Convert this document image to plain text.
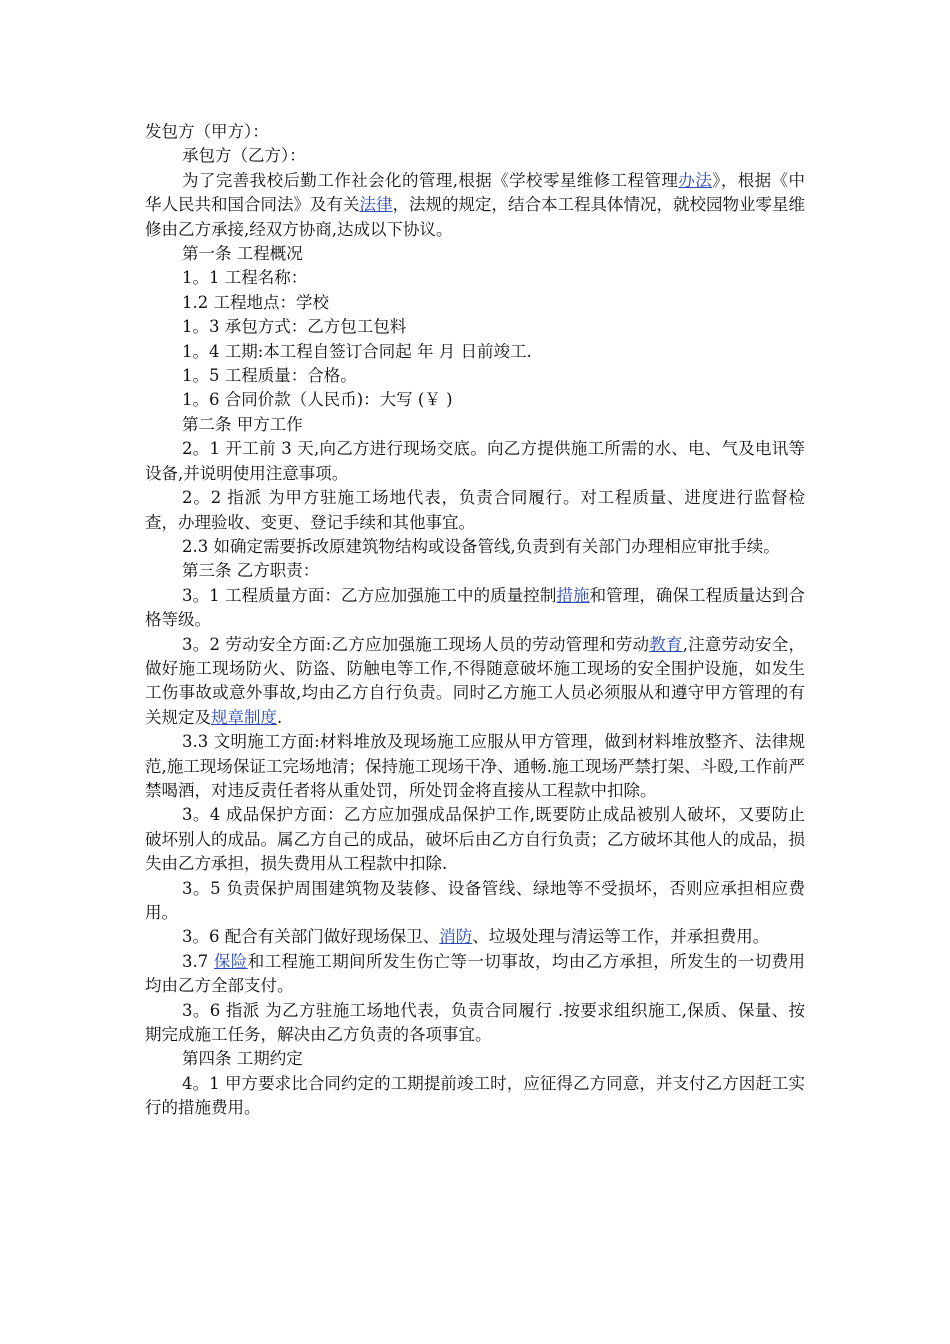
发包方（甲方）：

承包方（乙方）：

为了完善我校后勤工作社会化的管理,根据《学校零星维修工程管理办法》，根据《中华人民共和国合同法》及有关法律，法规的规定，结合本工程具体情况，就校园物业零星维修由乙方承接,经双方协商,达成以下协议。

第一条 工程概况

1。1 工程名称：

1.2 工程地点：学校

1。3 承包方式：乙方包工包料

1。4 工期:本工程自签订合同起 年 月 日前竣工.

1。5 工程质量：合格。

1。6 合同价款（人民币)：大写 (￥ )

第二条 甲方工作

2。1 开工前 3 天,向乙方进行现场交底。向乙方提供施工所需的水、电、气及电讯等设备,并说明使用注意事项。

2。2 指派 为甲方驻施工场地代表，负责合同履行。对工程质量、进度进行监督检查，办理验收、变更、登记手续和其他事宜。

2.3 如确定需要拆改原建筑物结构或设备管线,负责到有关部门办理相应审批手续。

第三条 乙方职责：

3。1 工程质量方面：乙方应加强施工中的质量控制措施和管理，确保工程质量达到合格等级。

3。2 劳动安全方面:乙方应加强施工现场人员的劳动管理和劳动教育,注意劳动安全，做好施工现场防火、防盗、防触电等工作,不得随意破坏施工现场的安全围护设施，如发生工伤事故或意外事故,均由乙方自行负责。同时乙方施工人员必须服从和遵守甲方管理的有关规定及规章制度.

3.3 文明施工方面:材料堆放及现场施工应服从甲方管理，做到材料堆放整齐、法律规范,施工现场保证工完场地清；保持施工现场干净、通畅.施工现场严禁打架、斗殴,工作前严禁喝酒，对违反责任者将从重处罚，所处罚金将直接从工程款中扣除。

3。4 成品保护方面：乙方应加强成品保护工作,既要防止成品被别人破坏，又要防止破坏别人的成品。属乙方自己的成品，破坏后由乙方自行负责；乙方破坏其他人的成品，损失由乙方承担，损失费用从工程款中扣除.

3。5 负责保护周围建筑物及装修、设备管线、绿地等不受损坏，否则应承担相应费用。

3。6 配合有关部门做好现场保卫、消防、垃圾处理与清运等工作，并承担费用。

3.7 保险和工程施工期间所发生伤亡等一切事故，均由乙方承担，所发生的一切费用均由乙方全部支付。

3。6 指派 为乙方驻施工场地代表，负责合同履行 .按要求组织施工,保质、保量、按期完成施工任务，解决由乙方负责的各项事宜。

第四条 工期约定

4。1 甲方要求比合同约定的工期提前竣工时，应征得乙方同意，并支付乙方因赶工实行的措施费用。
